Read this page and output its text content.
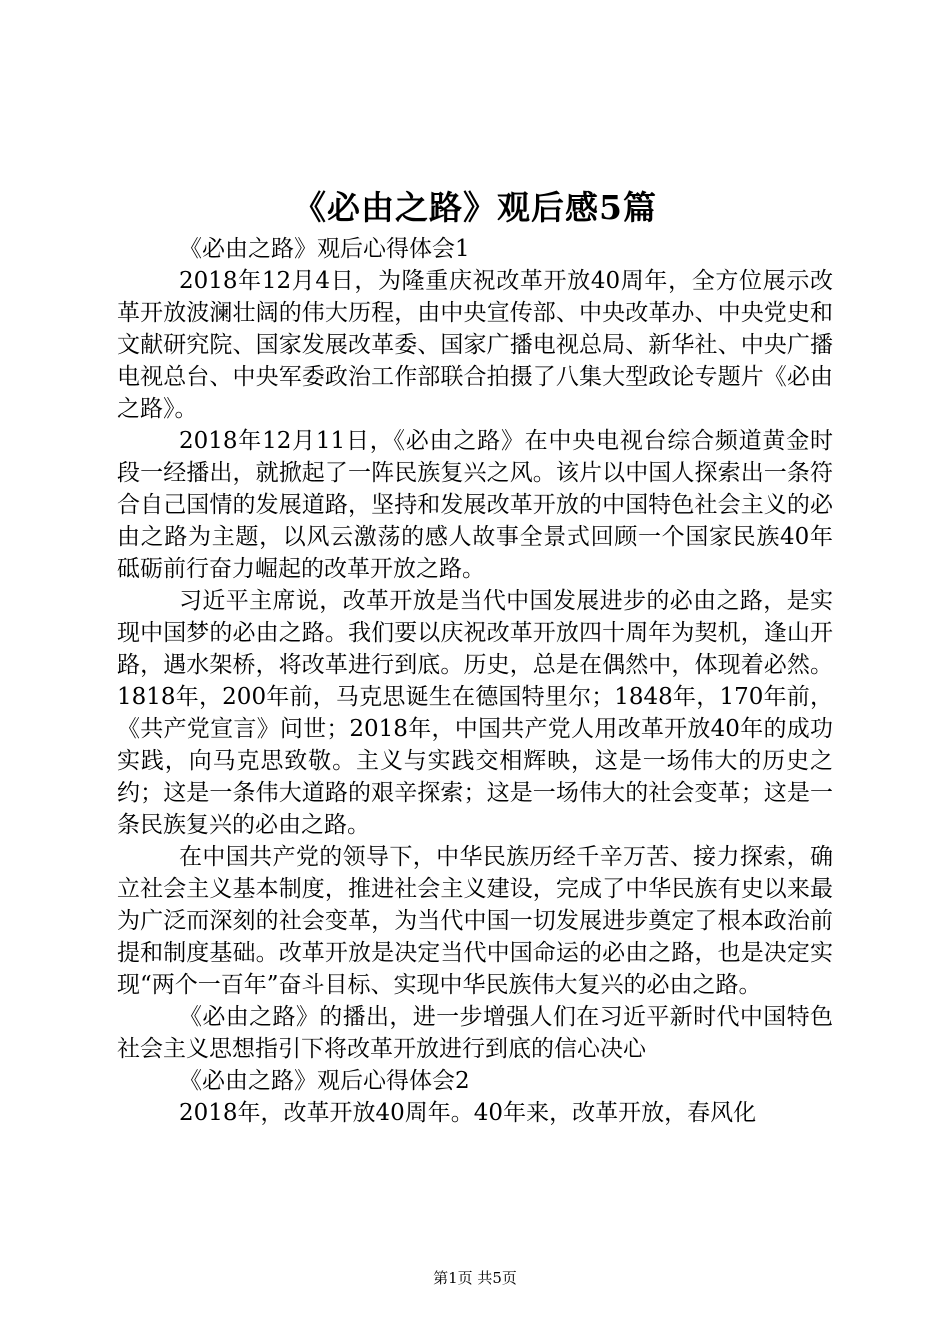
《必由之路》观后感5篇

《必由之路》观后心得体会1

2018年12月4日，为隆重庆祝改革开放40周年，全方位展示改革开放波澜壮阔的伟大历程，由中央宣传部、中央改革办、中央党史和文献研究院、国家发展改革委、国家广播电视总局、新华社、中央广播电视总台、中央军委政治工作部联合拍摄了八集大型政论专题片《必由之路》。

2018年12月11日，《必由之路》在中央电视台综合频道黄金时段一经播出，就掀起了一阵民族复兴之风。该片以中国人探索出一条符合自己国情的发展道路，坚持和发展改革开放的中国特色社会主义的必由之路为主题，以风云激荡的感人故事全景式回顾一个国家民族40年砥砺前行奋力崛起的改革开放之路。

习近平主席说，改革开放是当代中国发展进步的必由之路，是实现中国梦的必由之路。我们要以庆祝改革开放四十周年为契机，逢山开路，遇水架桥，将改革进行到底。历史，总是在偶然中，体现着必然。1818年，200年前，马克思诞生在德国特里尔；1848年，170年前，《共产党宣言》问世；2018年，中国共产党人用改革开放40年的成功实践，向马克思致敬。主义与实践交相辉映，这是一场伟大的历史之约；这是一条伟大道路的艰辛探索；这是一场伟大的社会变革；这是一条民族复兴的必由之路。

在中国共产党的领导下，中华民族历经千辛万苦、接力探索，确立社会主义基本制度，推进社会主义建设，完成了中华民族有史以来最为广泛而深刻的社会变革，为当代中国一切发展进步奠定了根本政治前提和制度基础。改革开放是决定当代中国命运的必由之路，也是决定实现“两个一百年”奋斗目标、实现中华民族伟大复兴的必由之路。

《必由之路》的播出，进一步增强人们在习近平新时代中国特色社会主义思想指引下将改革开放进行到底的信心决心

《必由之路》观后心得体会2

2018年，改革开放40周年。40年来，改革开放，春风化

第1页 共5页
